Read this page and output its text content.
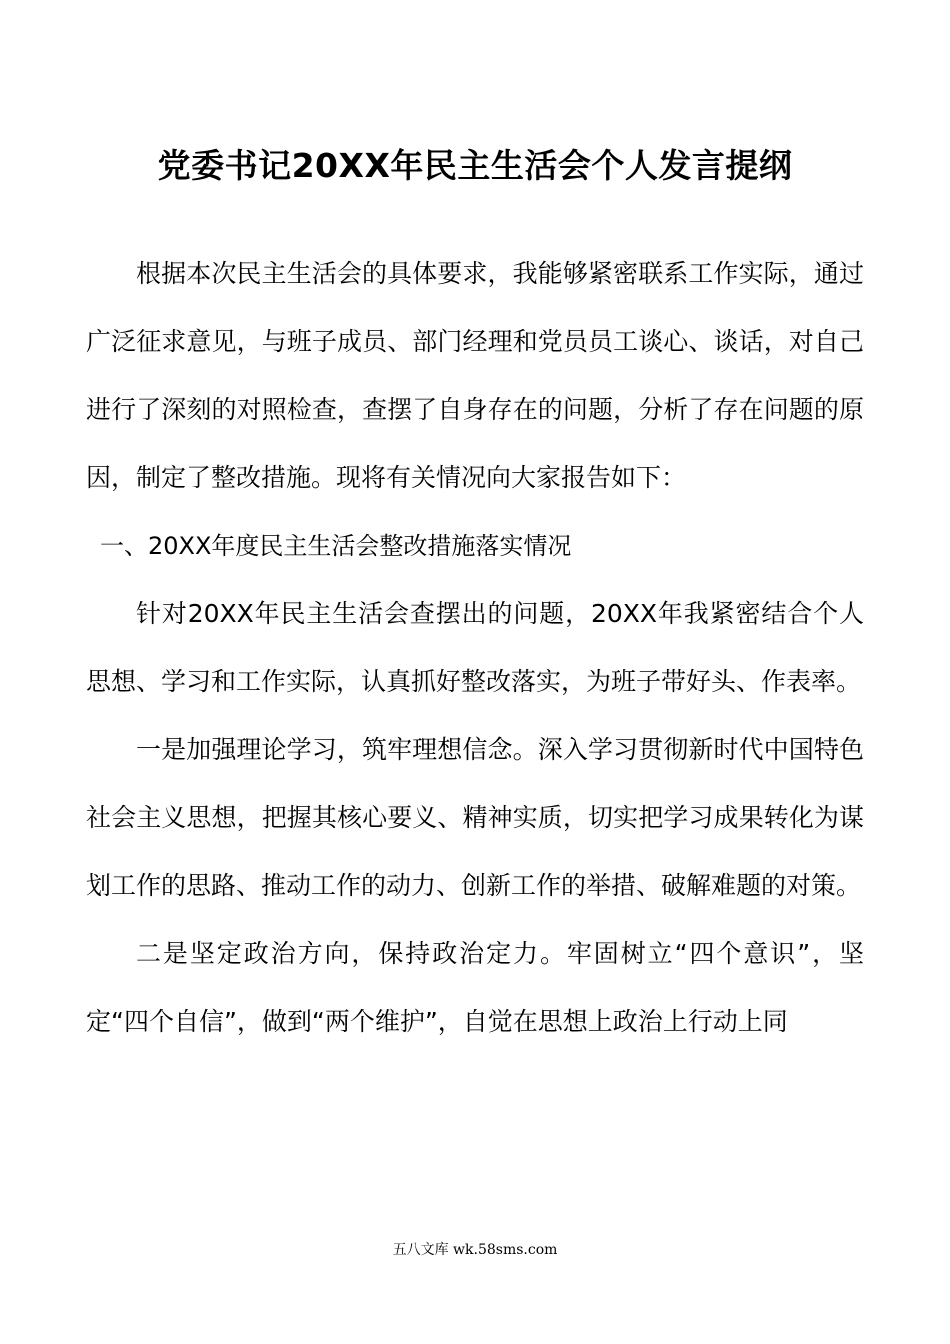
党委书记20XX年民主生活会个人发言提纲

根据本次民主生活会的具体要求，我能够紧密联系工作实际，通过广泛征求意见，与班子成员、部门经理和党员员工谈心、谈话，对自己进行了深刻的对照检查，查摆了自身存在的问题，分析了存在问题的原因，制定了整改措施。现将有关情况向大家报告如下：

一、20XX年度民主生活会整改措施落实情况

针对20XX年民主生活会查摆出的问题，20XX年我紧密结合个人思想、学习和工作实际，认真抓好整改落实，为班子带好头、作表率。

一是加强理论学习，筑牢理想信念。深入学习贯彻新时代中国特色社会主义思想，把握其核心要义、精神实质，切实把学习成果转化为谋划工作的思路、推动工作的动力、创新工作的举措、破解难题的对策。

二是坚定政治方向，保持政治定力。牢固树立“四个意识”，坚定“四个自信”，做到“两个维护”，自觉在思想上政治上行动上同

五八文库 wk.58sms.com
